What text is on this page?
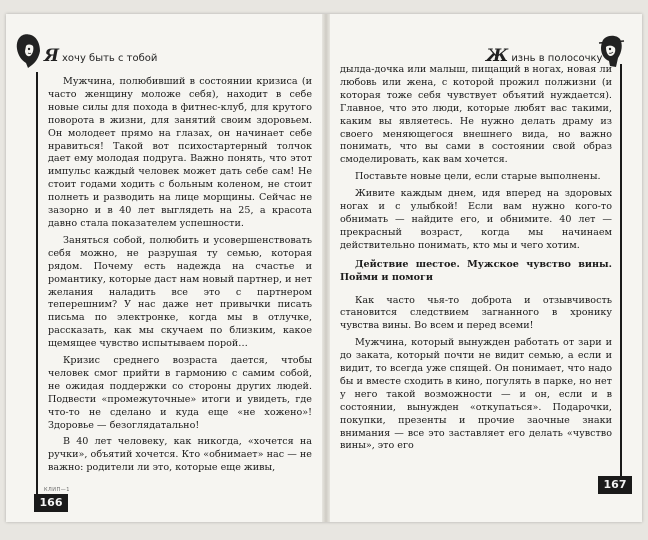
Яхочу быть с тобой

Мужчина, полюбивший в состоянии кризиса (и часто женщину моложе себя), находит в себе новые силы для похода в фитнес-клуб, для крутого поворота в жизни, для занятий своим здоровьем. Он молодеет прямо на глазах, он начинает себе нравиться! Такой вот психостартерный толчок дает ему молодая подруга. Важно понять, что этот импульс каждый человек может дать себе сам! Не стоит годами ходить с больным коленом, не стоит полнеть и разводить на лице морщины. Сейчас не зазорно и в 40 лет выглядеть на 25, а красота давно стала показателем успешности.

Заняться собой, полюбить и усовершенствовать себя можно, не разрушая ту семью, которая рядом. Почему есть надежда на счастье и романтику, которые даст нам новый партнер, и нет желания наладить все это с партнером теперешним? У нас даже нет привычки писать письма по электронке, когда мы в отлучке, рассказать, как мы скучаем по близким, какое щемящее чувство испытываем порой…

Кризис среднего возраста дается, чтобы человек смог прийти в гармонию с самим собой, не ожидая поддержки со стороны других людей. Подвести «промежуточные» итоги и увидеть, где что-то не сделано и куда еще «не хожено»! Здоровье — безоглядатально!

В 40 лет человеку, как никогда, «хочется на ручки», объятий хочется. Кто «обнимает» нас — не важно: родители ли это, которые еще живы,

КЛИП—1
166
Жизнь в полосочку

дылда-дочка или малыш, пищащий в ногах, новая ли любовь или жена, с которой прожил полжизни (и которая тоже себя чувствует объятий нуждается). Главное, что это люди, которые любят вас такими, каким вы являетесь. Не нужно делать драму из своего меняющегося внешнего вида, но важно понимать, что вы сами в состоянии свой образ смоделировать, как вам хочется.

Поставьте новые цели, если старые выполнены.

Живите каждым днем, идя вперед на здоровых ногах и с улыбкой! Если вам нужно кого-то обнимать — найдите его, и обнимите. 40 лет — прекрасный возраст, когда мы начинаем действительно понимать, кто мы и чего хотим.

Действие шестое. Мужское чувство вины. Пойми и помоги

Как часто чья-то доброта и отзывчивость становится следствием загнанного в хронику чувства вины. Во всем и перед всеми!

Мужчина, который вынужден работать от зари и до заката, который почти не видит семью, а если и видит, то всегда уже спящей. Он понимает, что надо бы и вместе сходить в кино, погулять в парке, но нет у него такой возможности — и он, если и в состоянии, вынужден «откупаться». Подарочки, покупки, презенты и прочие заочные знаки внимания — все это заставляет его делать «чувство вины», это его

167
